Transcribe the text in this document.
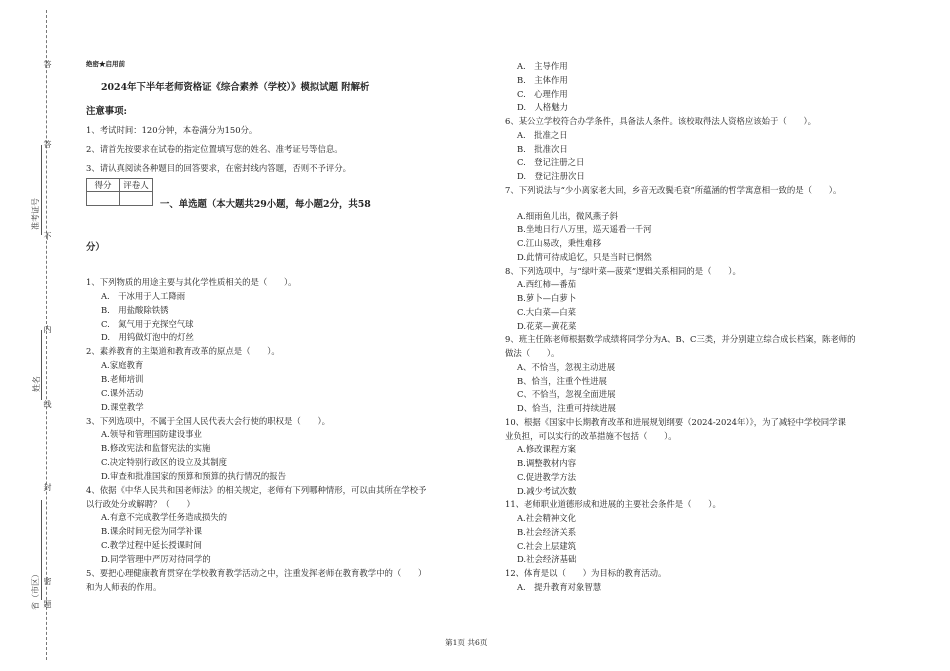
答
答
准考证号
不
内
姓名
线
封
省（市区） 密
题
绝密★启用前
2024年下半年老师资格证《综合素养（学校）》模拟试题 附解析
注意事项:
1、考试时间：120分钟，本卷满分为150分。
2、请首先按要求在试卷的指定位置填写您的姓名、准考证号等信息。
3、请认真阅读各种题目的回答要求，在密封线内答题，否则不予评分。
得分	评卷人

一、单选题（本大题共29小题，每小题2分，共58
分）
1、下列物质的用途主要与其化学性质相关的是（　　）。
A.　干冰用于人工降雨
B.　用盐酸除铁锈
C.　氮气用于充探空气球
D.　用钨做灯泡中的灯丝
2、素养教育的主渠道和教育改革的原点是（　　）。
A.家庭教育
B.老师培训
C.课外活动
D.课堂教学
3、下列选项中，不属于全国人民代表大会行使的职权是（　　）。
A.领导和管理国防建设事业
B.修改宪法和监督宪法的实施
C.决定特别行政区的设立及其制度
D.审查和批准国家的预算和预算的执行情况的报告
4、依据《中华人民共和国老师法》的相关规定，老师有下列哪种情形，可以由其所在学校予
以行政处分或解聘？（　　）
A.有意不完成教学任务造成损失的
B.课余时间无偿为同学补课
C.教学过程中延长授课时间
D.同学管理中严厉对待同学的
5、要把心理健康教育贯穿在学校教育教学活动之中，注重发挥老师在教育教学中的（　　）
和为人师表的作用。
A.　主导作用
B.　主体作用
C.　心理作用
D.　人格魅力
6、某公立学校符合办学条件，具备法人条件。该校取得法人资格应该始于（　　）。
A.　批准之日
B.　批准次日
C.　登记注册之日
D.　登记注册次日
7、下列说法与“少小离家老大回，乡音无改鬓毛衰”所蕴涵的哲学寓意相一致的是（　　）。
A.细雨鱼儿出，微风燕子斜
B.坐地日行八万里，巡天遥看一千河
C.江山易改，秉性难移
D.此情可待成追忆，只是当时已惘然
8、下列选项中，与“绿叶菜—菠菜”逻辑关系相同的是（　　）。
A.西红柿—番茄
B.萝卜—白萝卜
C.大白菜—白菜
D.花菜—黄花菜
9、班主任陈老师根据数学成绩将同学分为A、B、C三类，并分别建立综合成长档案，陈老师的
做法（　　）。
A、不恰当，忽视主动进展
B、恰当，注重个性进展
C、不恰当，忽视全面进展
D、恰当，注重可持续进展
10、根据《国家中长期教育改革和进展规划纲要（2024-2024年）》，为了减轻中学校同学课
业负担，可以实行的改革措施不包括（　　）。
A.修改课程方案
B.调整教材内容
C.促进教学方法
D.减少考试次数
11、老师职业道德形成和进展的主要社会条件是（　　）。
A.社会精神文化
B.社会经济关系
C.社会上层建筑
D.社会经济基础
12、体育是以（　　）为目标的教育活动。
A.　提升教育对象智慧
第1页 共6页
